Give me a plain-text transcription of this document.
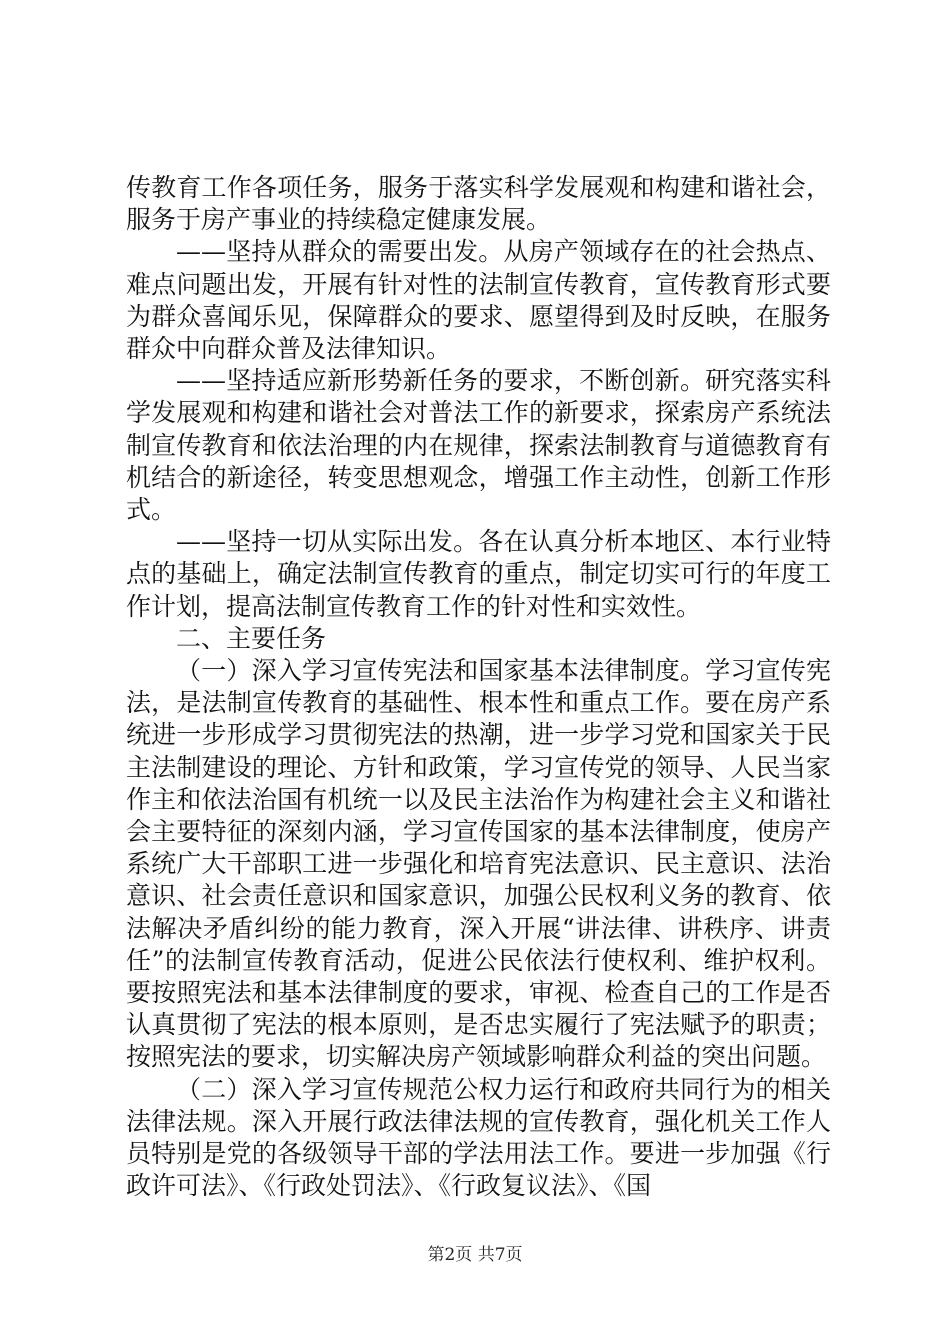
传教育工作各项任务，服务于落实科学发展观和构建和谐社会，服务于房产事业的持续稳定健康发展。

——坚持从群众的需要出发。从房产领域存在的社会热点、难点问题出发，开展有针对性的法制宣传教育，宣传教育形式要为群众喜闻乐见，保障群众的要求、愿望得到及时反映，在服务群众中向群众普及法律知识。

——坚持适应新形势新任务的要求，不断创新。研究落实科学发展观和构建和谐社会对普法工作的新要求，探索房产系统法制宣传教育和依法治理的内在规律，探索法制教育与道德教育有机结合的新途径，转变思想观念，增强工作主动性，创新工作形式。

——坚持一切从实际出发。各在认真分析本地区、本行业特点的基础上，确定法制宣传教育的重点，制定切实可行的年度工作计划，提高法制宣传教育工作的针对性和实效性。

二、主要任务

（一）深入学习宣传宪法和国家基本法律制度。学习宣传宪法，是法制宣传教育的基础性、根本性和重点工作。要在房产系统进一步形成学习贯彻宪法的热潮，进一步学习党和国家关于民主法制建设的理论、方针和政策，学习宣传党的领导、人民当家作主和依法治国有机统一以及民主法治作为构建社会主义和谐社会主要特征的深刻内涵，学习宣传国家的基本法律制度，使房产系统广大干部职工进一步强化和培育宪法意识、民主意识、法治意识、社会责任意识和国家意识，加强公民权利义务的教育、依法解决矛盾纠纷的能力教育，深入开展“讲法律、讲秩序、讲责任”的法制宣传教育活动，促进公民依法行使权利、维护权利。要按照宪法和基本法律制度的要求，审视、检查自己的工作是否认真贯彻了宪法的根本原则，是否忠实履行了宪法赋予的职责；按照宪法的要求，切实解决房产领域影响群众利益的突出问题。

（二）深入学习宣传规范公权力运行和政府共同行为的相关法律法规。深入开展行政法律法规的宣传教育，强化机关工作人员特别是党的各级领导干部的学法用法工作。要进一步加强《行政许可法》、《行政处罚法》、《行政复议法》、《国

第2页 共7页
